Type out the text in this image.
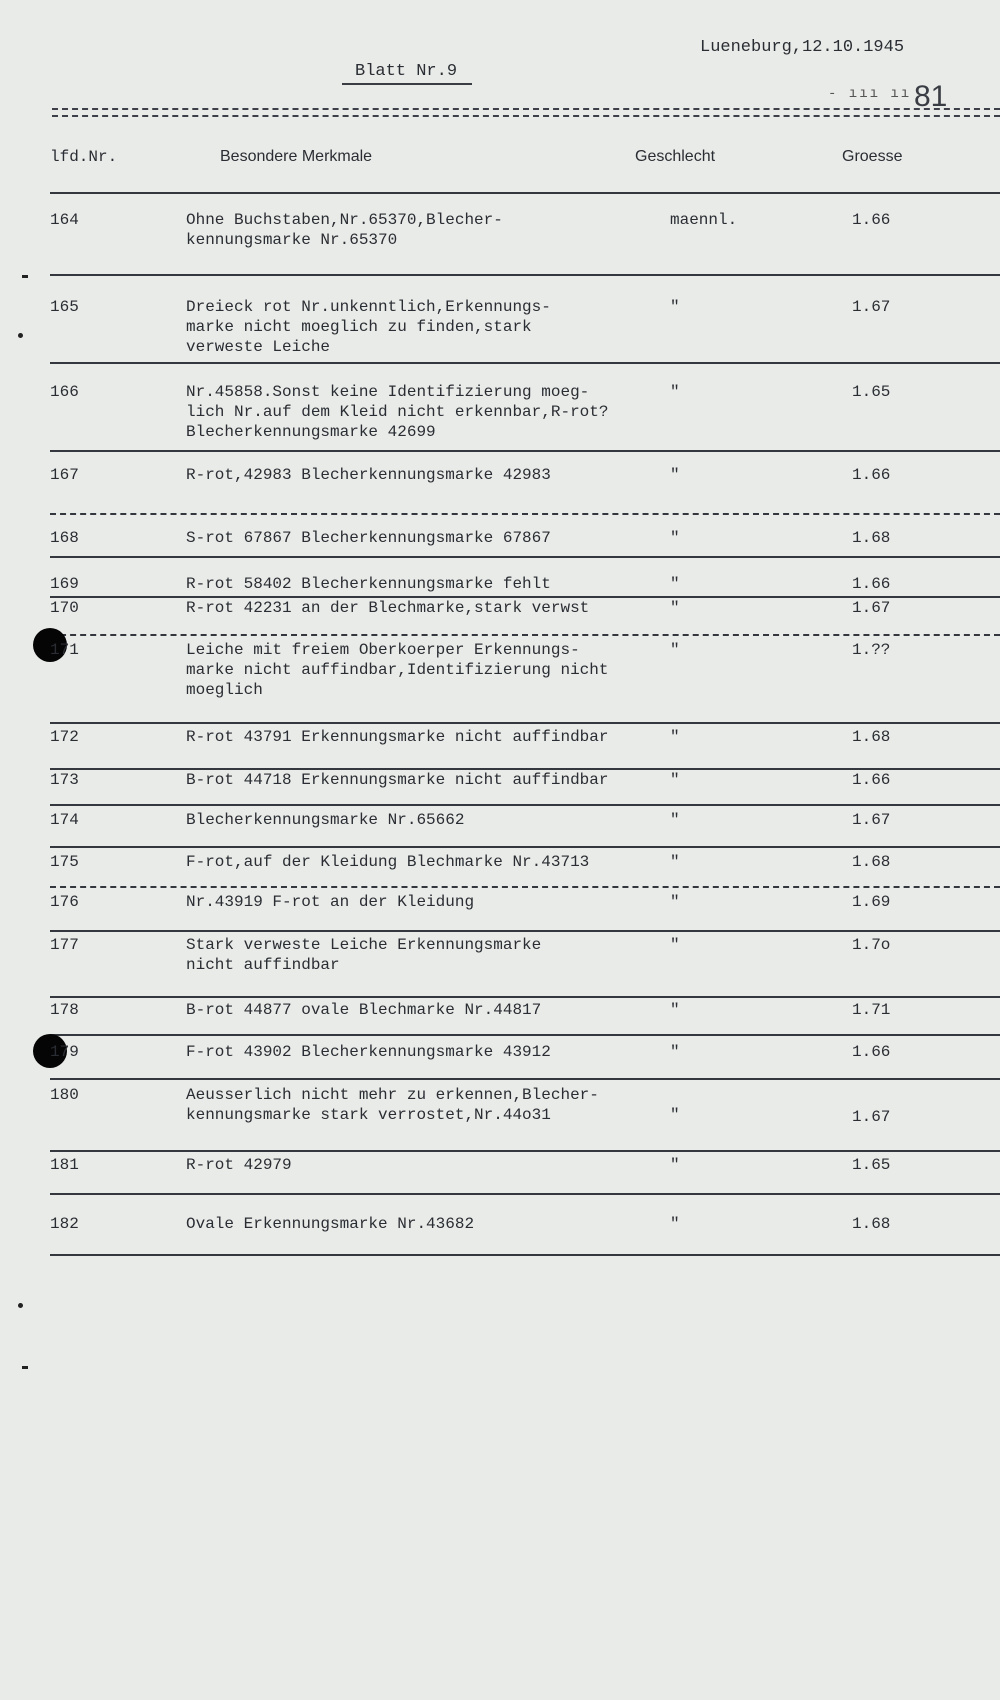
Blatt Nr.9
Lueneburg,12.10.1945
- ııı ıı .
81
lfd.Nr.	Besondere Merkmale	Geschlecht	Groesse
164	Ohne Buchstaben,Nr.65370,Blecher-
kennungsmarke Nr.65370
maennl.	1.66
165	Dreieck rot Nr.unkenntlich,Erkennungs-
marke nicht moeglich zu finden,stark
verweste Leiche
"	1.67
166	Nr.45858.Sonst keine Identifizierung moeg-
lich Nr.auf dem Kleid nicht erkennbar,R-rot?
Blecherkennungsmarke 42699
"	1.65
167	R-rot,42983 Blecherkennungsmarke 42983	"	1.66
168	S-rot 67867 Blecherkennungsmarke 67867	"	1.68
169	R-rot 58402 Blecherkennungsmarke fehlt	"	1.66
170	R-rot 42231 an der Blechmarke,stark verwst	"	1.67
171	Leiche mit freiem Oberkoerper Erkennungs-
marke nicht auffindbar,Identifizierung nicht
moeglich
"	1.??
172	R-rot 43791 Erkennungsmarke nicht auffindbar	"	1.68
173	B-rot 44718 Erkennungsmarke nicht auffindbar	"	1.66
174	Blecherkennungsmarke Nr.65662	"	1.67
175	F-rot,auf der Kleidung Blechmarke Nr.43713	"	1.68
176	Nr.43919 F-rot an der Kleidung	"	1.69
177	Stark verweste Leiche Erkennungsmarke
nicht auffindbar
"	1.7o
178	B-rot 44877 ovale Blechmarke Nr.44817	"	1.71
179	F-rot 43902 Blecherkennungsmarke 43912	"	1.66
180	Aeusserlich nicht mehr zu erkennen,Blecher-
kennungsmarke stark verrostet,Nr.44o31	"	1.67
181	R-rot 42979	"	1.65
182	Ovale Erkennungsmarke Nr.43682	"	1.68
